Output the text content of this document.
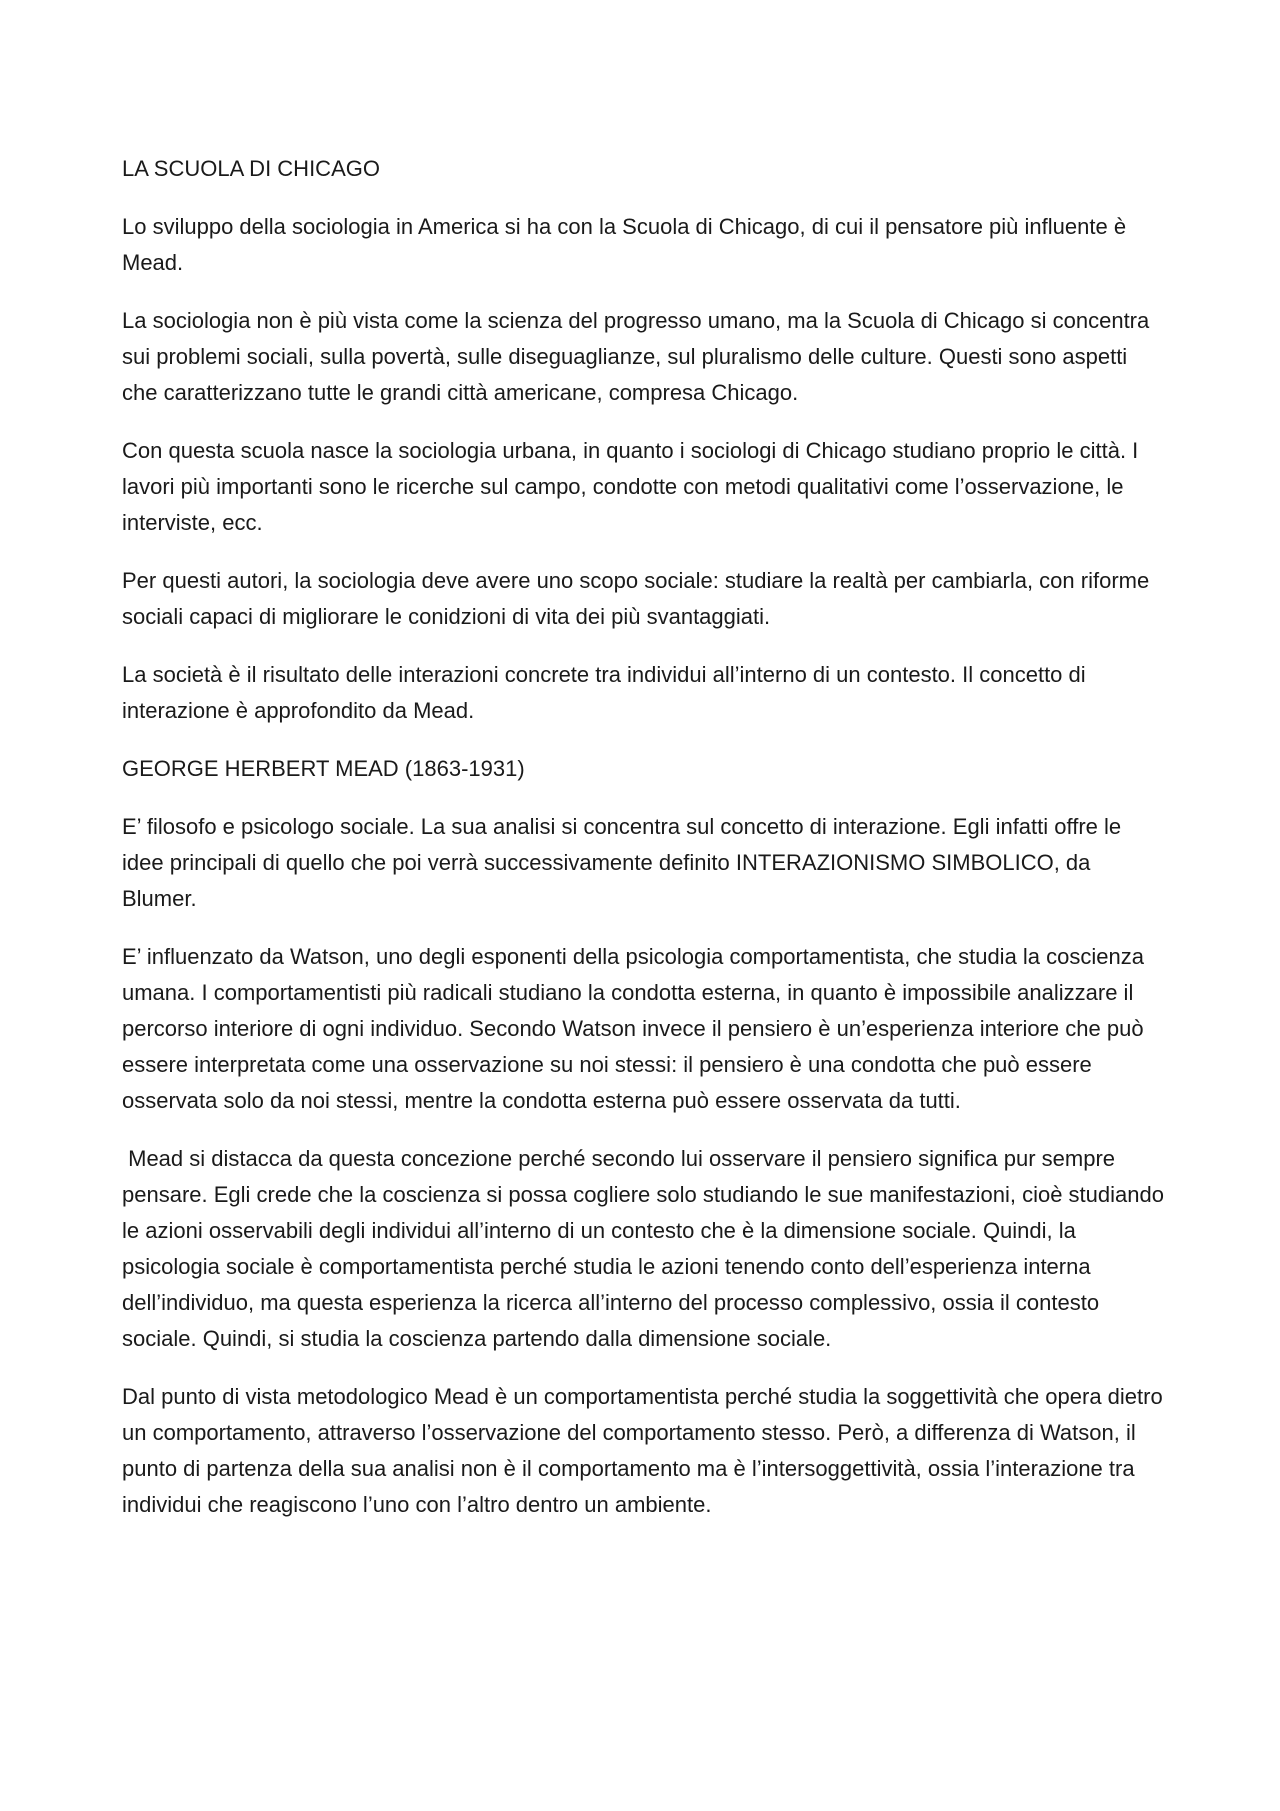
LA SCUOLA DI CHICAGO

Lo sviluppo della sociologia in America si ha con la Scuola di Chicago, di cui il pensatore più influente è Mead.

La sociologia non è più vista come la scienza del progresso umano, ma la Scuola di Chicago si concentra sui problemi sociali, sulla povertà, sulle diseguaglianze, sul pluralismo delle culture. Questi sono aspetti che caratterizzano tutte le grandi città americane, compresa Chicago.

Con questa scuola nasce la sociologia urbana, in quanto i sociologi di Chicago studiano proprio le città. I lavori più importanti sono le ricerche sul campo, condotte con metodi qualitativi come l’osservazione, le interviste, ecc.

Per questi autori, la sociologia deve avere uno scopo sociale: studiare la realtà per cambiarla, con riforme sociali capaci di migliorare le conidzioni di vita dei più svantaggiati.

La società è il risultato delle interazioni concrete tra individui all’interno di un contesto. Il concetto di interazione è approfondito da Mead.

GEORGE HERBERT MEAD (1863-1931)

E’ filosofo e psicologo sociale. La sua analisi si concentra sul concetto di interazione. Egli infatti offre le idee principali di quello che poi verrà successivamente definito INTERAZIONISMO SIMBOLICO, da Blumer.

E’ influenzato da Watson, uno degli esponenti della psicologia comportamentista, che studia la coscienza umana. I comportamentisti più radicali studiano la condotta esterna, in quanto è impossibile analizzare il percorso interiore di ogni individuo. Secondo Watson invece il pensiero è un’esperienza interiore che può essere interpretata come una osservazione su noi stessi: il pensiero è una condotta che può essere osservata solo da noi stessi, mentre la condotta esterna può essere osservata da tutti.

Mead si distacca da questa concezione perché secondo lui osservare il pensiero significa pur sempre pensare. Egli crede che la coscienza si possa cogliere solo studiando le sue manifestazioni, cioè studiando le azioni osservabili degli individui all’interno di un contesto che è la dimensione sociale. Quindi, la psicologia sociale è comportamentista perché studia le azioni tenendo conto dell’esperienza interna dell’individuo, ma questa esperienza la ricerca all’interno del processo complessivo, ossia il contesto sociale. Quindi, si studia la coscienza partendo dalla dimensione sociale.

Dal punto di vista metodologico Mead è un comportamentista perché studia la soggettività che opera dietro un comportamento, attraverso l’osservazione del comportamento stesso. Però, a differenza di Watson, il punto di partenza della sua analisi non è il comportamento ma è l’intersoggettività, ossia l’interazione tra individui che reagiscono l’uno con l’altro dentro un ambiente.
